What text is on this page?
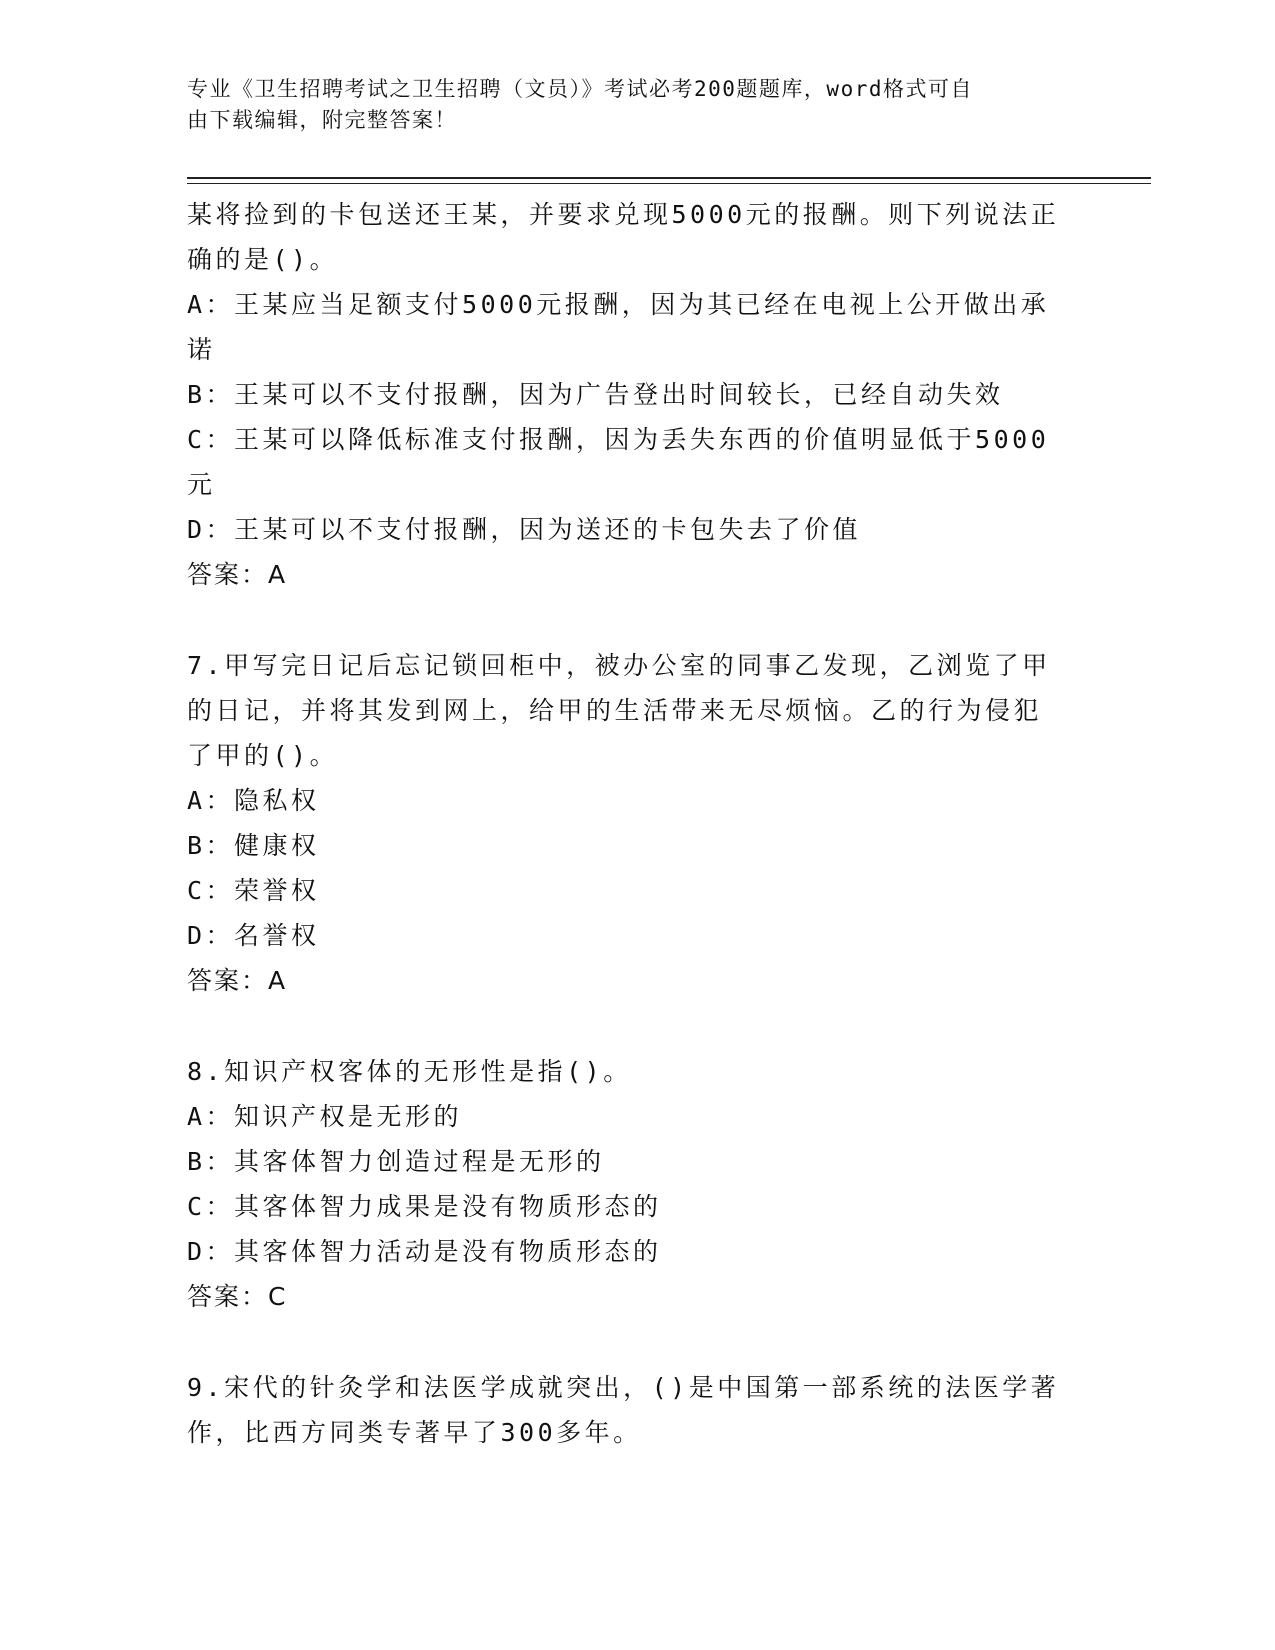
专业《卫生招聘考试之卫生招聘（文员）》考试必考200题题库，word格式可自
由下载编辑，附完整答案！
某将捡到的卡包送还王某，并要求兑现5000元的报酬。则下列说法正
确的是()。
A：王某应当足额支付5000元报酬，因为其已经在电视上公开做出承
诺
B：王某可以不支付报酬，因为广告登出时间较长，已经自动失效
C：王某可以降低标准支付报酬，因为丢失东西的价值明显低于5000
元
D：王某可以不支付报酬，因为送还的卡包失去了价值
答案：A
7.甲写完日记后忘记锁回柜中，被办公室的同事乙发现，乙浏览了甲
的日记，并将其发到网上，给甲的生活带来无尽烦恼。乙的行为侵犯
了甲的()。
A：隐私权
B：健康权
C：荣誉权
D：名誉权
答案：A
8.知识产权客体的无形性是指()。
A：知识产权是无形的
B：其客体智力创造过程是无形的
C：其客体智力成果是没有物质形态的
D：其客体智力活动是没有物质形态的
答案：C
9.宋代的针灸学和法医学成就突出，()是中国第一部系统的法医学著
作，比西方同类专著早了300多年。
